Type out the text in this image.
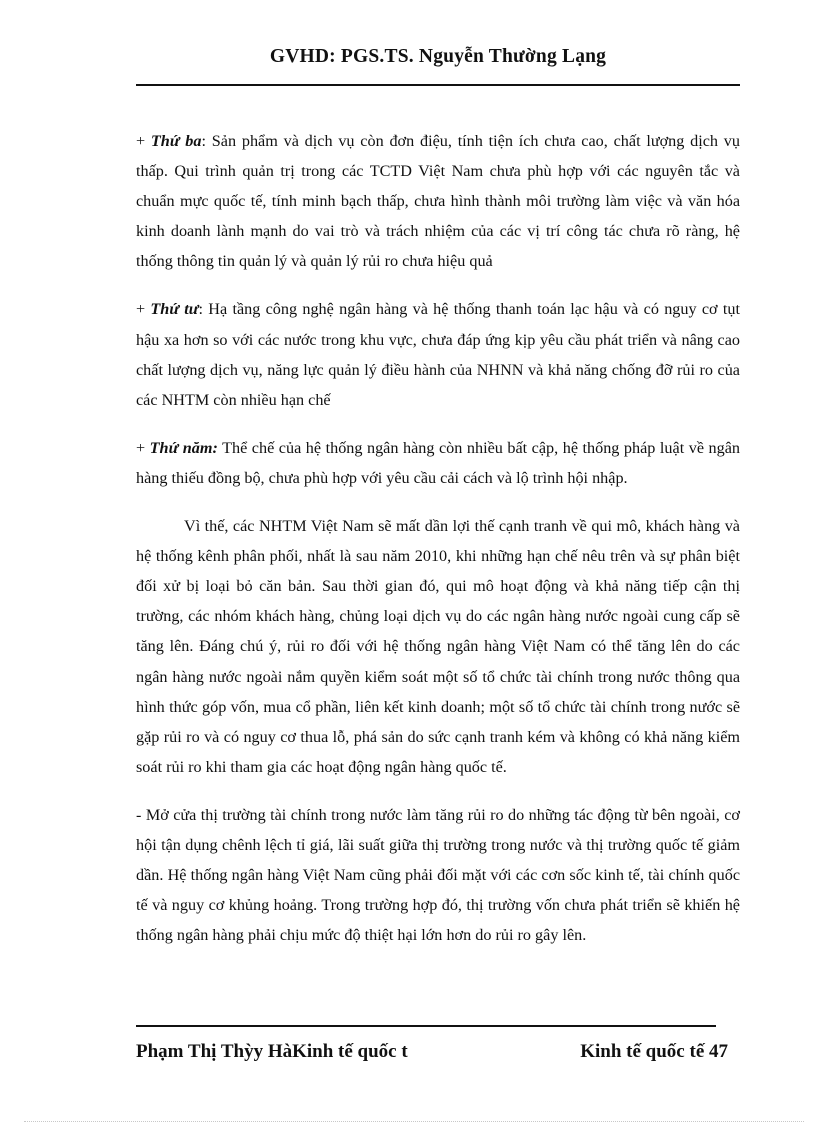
GVHD: PGS.TS. Nguyễn Thường Lạng

+ Thứ ba: Sản phẩm và dịch vụ còn đơn điệu, tính tiện ích chưa cao, chất lượng dịch vụ thấp. Qui trình quản trị trong các TCTD Việt Nam chưa phù hợp với các nguyên tắc và chuẩn mực quốc tế, tính minh bạch thấp, chưa hình thành môi trường làm việc và văn hóa kinh doanh lành mạnh do vai trò và trách nhiệm của các vị trí công tác chưa rõ ràng, hệ thống thông tin quản lý và quản lý rủi ro chưa hiệu quả

+ Thứ tư: Hạ tầng công nghệ ngân hàng và hệ thống thanh toán lạc hậu và có nguy cơ tụt hậu xa hơn so với các nước trong khu vực, chưa đáp ứng kịp yêu cầu phát triển và nâng cao chất lượng dịch vụ, năng lực quản lý điều hành của NHNN và khả năng chống đỡ rủi ro của các NHTM còn nhiều hạn chế

+ Thứ năm: Thể chế của hệ thống ngân hàng còn nhiều bất cập, hệ thống pháp luật về ngân hàng thiếu đồng bộ, chưa phù hợp với yêu cầu cải cách và lộ trình hội nhập.

Vì thế, các NHTM Việt Nam sẽ mất dần lợi thế cạnh tranh về qui mô, khách hàng và hệ thống kênh phân phối, nhất là sau năm 2010, khi những hạn chế nêu trên và sự phân biệt đối xử bị loại bỏ căn bản. Sau thời gian đó, qui mô hoạt động và khả năng tiếp cận thị trường, các nhóm khách hàng, chủng loại dịch vụ do các ngân hàng nước ngoài cung cấp sẽ tăng lên. Đáng chú ý, rủi ro đối với hệ thống ngân hàng Việt Nam có thể tăng lên do các ngân hàng nước ngoài nắm quyền kiểm soát một số tổ chức tài chính trong nước thông qua hình thức góp vốn, mua cổ phần, liên kết kinh doanh; một số tổ chức tài chính trong nước sẽ gặp rủi ro và có nguy cơ thua lỗ, phá sản do sức cạnh tranh kém và không có khả năng kiểm soát rủi ro khi tham gia các hoạt động ngân hàng quốc tế.

- Mở cửa thị trường tài chính trong nước làm tăng rủi ro do những tác động từ bên ngoài, cơ hội tận dụng chênh lệch tỉ giá, lãi suất giữa thị trường trong nước và thị trường quốc tế giảm dần. Hệ thống ngân hàng Việt Nam cũng phải đối mặt với các cơn sốc kinh tế, tài chính quốc tế và nguy cơ khủng hoảng. Trong trường hợp đó, thị trường vốn chưa phát triển sẽ khiến hệ thống ngân hàng phải chịu mức độ thiệt hại lớn hơn do rủi ro gây lên.

Phạm Thị Thỳy HàKinh tế quốc t	Kinh tế quốc tế 47
